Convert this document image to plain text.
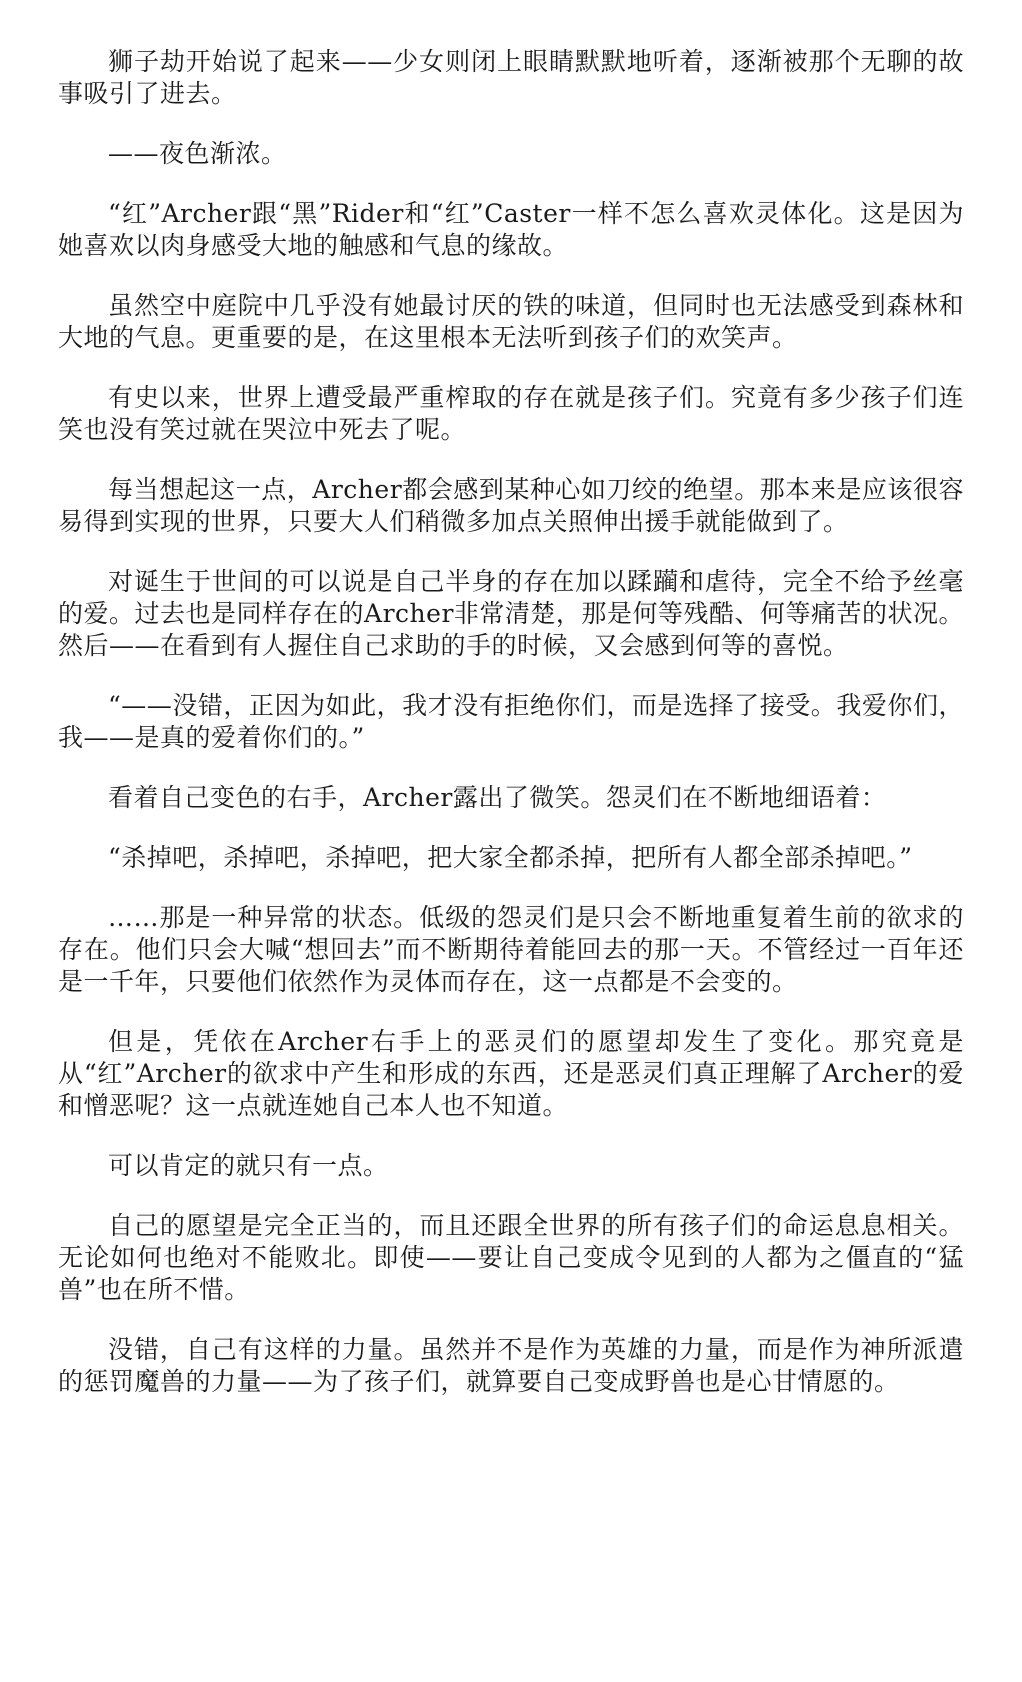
狮子劫开始说了起来——少女则闭上眼睛默默地听着，逐渐被那个无聊的故事吸引了进去。

——夜色渐浓。

“红”Archer跟“黑”Rider和“红”Caster一样不怎么喜欢灵体化。这是因为她喜欢以肉身感受大地的触感和气息的缘故。

虽然空中庭院中几乎没有她最讨厌的铁的味道，但同时也无法感受到森林和大地的气息。更重要的是，在这里根本无法听到孩子们的欢笑声。

有史以来，世界上遭受最严重榨取的存在就是孩子们。究竟有多少孩子们连笑也没有笑过就在哭泣中死去了呢。

每当想起这一点，Archer都会感到某种心如刀绞的绝望。那本来是应该很容易得到实现的世界，只要大人们稍微多加点关照伸出援手就能做到了。

对诞生于世间的可以说是自己半身的存在加以蹂躏和虐待，完全不给予丝毫的爱。过去也是同样存在的Archer非常清楚，那是何等残酷、何等痛苦的状况。然后——在看到有人握住自己求助的手的时候，又会感到何等的喜悦。

“——没错，正因为如此，我才没有拒绝你们，而是选择了接受。我爱你们，我——是真的爱着你们的。”

看着自己变色的右手，Archer露出了微笑。怨灵们在不断地细语着：

“杀掉吧，杀掉吧，杀掉吧，把大家全都杀掉，把所有人都全部杀掉吧。”

……那是一种异常的状态。低级的怨灵们是只会不断地重复着生前的欲求的存在。他们只会大喊“想回去”而不断期待着能回去的那一天。不管经过一百年还是一千年，只要他们依然作为灵体而存在，这一点都是不会变的。

但是，凭依在Archer右手上的恶灵们的愿望却发生了变化。那究竟是从“红”Archer的欲求中产生和形成的东西，还是恶灵们真正理解了Archer的爱和憎恶呢？这一点就连她自己本人也不知道。

可以肯定的就只有一点。

自己的愿望是完全正当的，而且还跟全世界的所有孩子们的命运息息相关。无论如何也绝对不能败北。即使——要让自己变成令见到的人都为之僵直的“猛兽”也在所不惜。

没错，自己有这样的力量。虽然并不是作为英雄的力量，而是作为神所派遣的惩罚魔兽的力量——为了孩子们，就算要自己变成野兽也是心甘情愿的。
